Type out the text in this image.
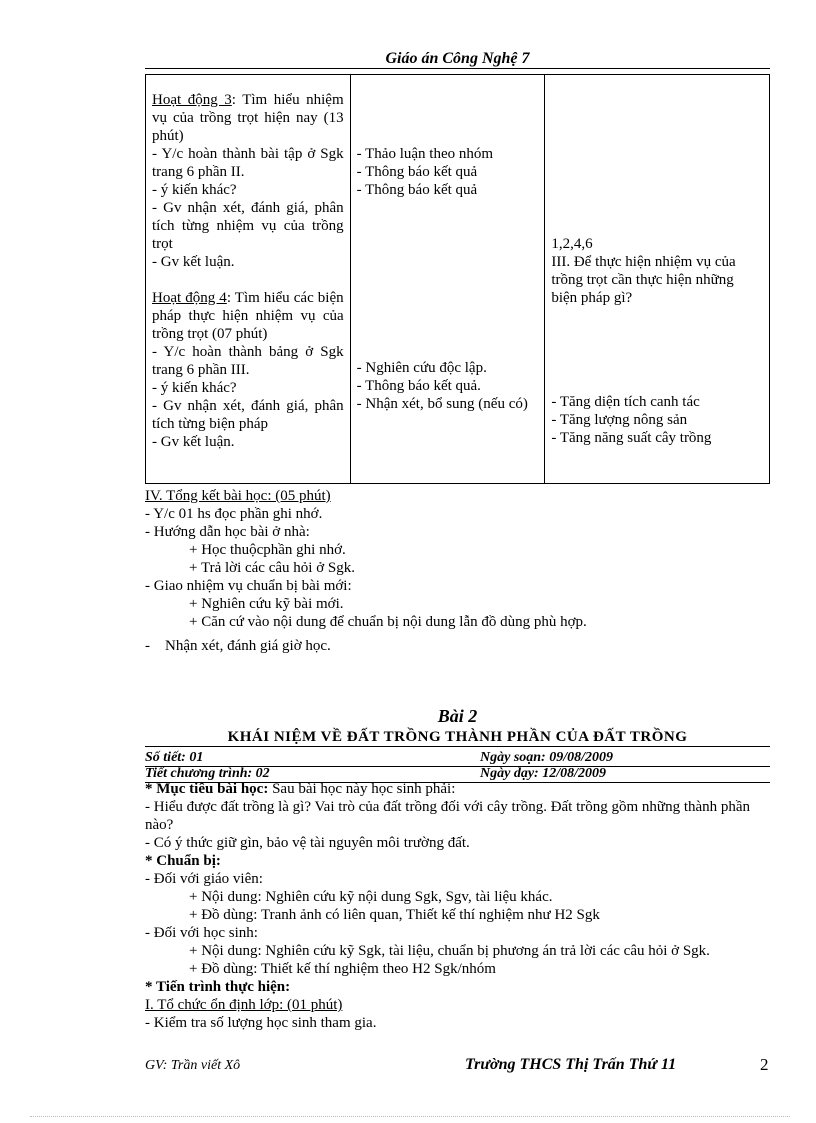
Giáo án Công Nghệ 7
Hoạt động 3: Tìm hiểu nhiệm vụ của trồng trọt hiện nay (13 phút)
- Y/c hoàn thành bài tập ở Sgk trang 6 phần II.
- ý kiến khác?
- Gv nhận xét, đánh giá, phân tích từng nhiệm vụ của trồng trọt
- Gv kết luận.
Hoạt động 4: Tìm hiểu các biện pháp thực hiện nhiệm vụ của trồng trọt (07 phút)
- Y/c hoàn thành bảng ở Sgk trang 6 phần III.
- ý kiến khác?
- Gv nhận xét, đánh giá, phân tích từng biện pháp
- Gv kết luận.

- Thảo luận theo nhóm
- Thông báo kết quả
- Thông báo kết quả
- Nghiên cứu độc lập.
- Thông báo kết quả.
- Nhận xét, bổ sung (nếu có)

1,2,4,6
III. Để thực hiện nhiệm vụ của trồng trọt cần thực hiện những biện pháp gì?
- Tăng diện tích canh tác
- Tăng lượng nông sản
- Tăng năng suất cây trồng
IV. Tổng kết bài học: (05 phút)
- Y/c 01 hs đọc phần ghi nhớ.
- Hướng dẫn học bài ở nhà:
+ Học thuộcphần ghi nhớ.
+ Trả lời các câu hỏi ở Sgk.
- Giao nhiệm vụ chuẩn bị bài mới:
+ Nghiên cứu kỹ bài mới.
+ Căn cứ vào nội dung để chuẩn bị nội dung lẫn đồ dùng phù hợp.
-    Nhận xét, đánh giá giờ học.
Bài 2
KHÁI NIỆM VỀ ĐẤT TRỒNG THÀNH PHẦN CỦA ĐẤT TRỒNG
Số tiết: 01	Ngày soạn: 09/08/2009
Tiết chương trình: 02	Ngày dạy: 12/08/2009
* Mục tiêu bài học: Sau bài học này học sinh phải:
- Hiểu được đất trồng là gì? Vai trò của đất trồng đối với cây trồng. Đất trồng gồm những thành phần nào?
- Có ý thức giữ gìn, bảo vệ tài nguyên môi trường đất.
* Chuẩn bị:
- Đối với giáo viên:
+ Nội dung: Nghiên cứu kỹ nội dung Sgk, Sgv, tài liệu khác.
+ Đồ dùng: Tranh ảnh có liên quan, Thiết kế thí nghiệm như H2 Sgk
- Đối với học sinh:
+ Nội dung: Nghiên cứu kỹ Sgk, tài liệu, chuẩn bị phương án trả lời các câu hỏi ở Sgk.
+ Đồ dùng: Thiết kế thí nghiệm theo H2 Sgk/nhóm
* Tiến trình thực hiện:
I. Tổ chức ổn định lớp: (01 phút)
- Kiểm tra số lượng học sinh tham gia.
GV: Trần viết Xô	Trường THCS Thị Trấn Thứ 11	2
